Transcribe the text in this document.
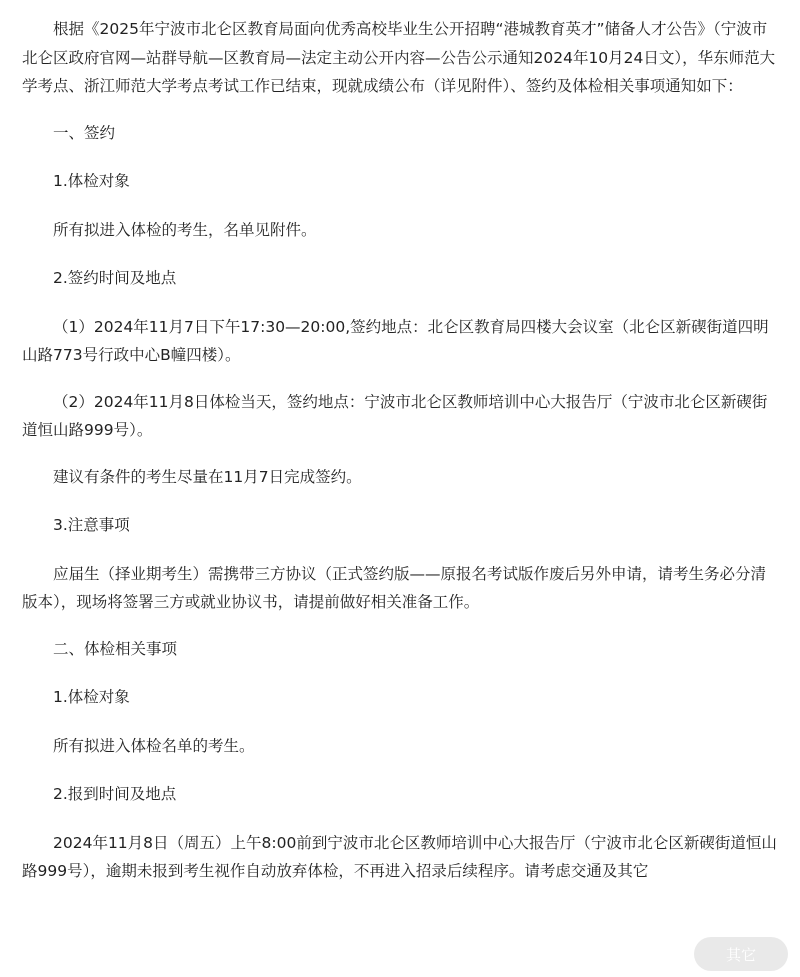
根据《2025年宁波市北仑区教育局面向优秀高校毕业生公开招聘“港城教育英才”储备人才公告》（宁波市北仑区政府官网—站群导航—区教育局—法定主动公开内容—公告公示通知2024年10月24日文），华东师范大学考点、浙江师范大学考点考试工作已结束，现就成绩公布（详见附件）、签约及体检相关事项通知如下：

一、签约

1.体检对象

所有拟进入体检的考生，名单见附件。

2.签约时间及地点

（1）2024年11月7日下午17:30—20:00,签约地点：北仑区教育局四楼大会议室（北仑区新碶街道四明山路773号行政中心B幢四楼）。

（2）2024年11月8日体检当天，签约地点：宁波市北仑区教师培训中心大报告厅（宁波市北仑区新碶街道恒山路999号）。

建议有条件的考生尽量在11月7日完成签约。

3.注意事项

应届生（择业期考生）需携带三方协议（正式签约版——原报名考试版作废后另外申请，请考生务必分清版本），现场将签署三方或就业协议书，请提前做好相关准备工作。

二、体检相关事项

1.体检对象

所有拟进入体检名单的考生。

2.报到时间及地点

2024年11月8日（周五）上午8:00前到宁波市北仑区教师培训中心大报告厅（宁波市北仑区新碶街道恒山路999号），逾期未报到考生视作自动放弃体检，不再进入招录后续程序。请考虑交通及其它

其它
